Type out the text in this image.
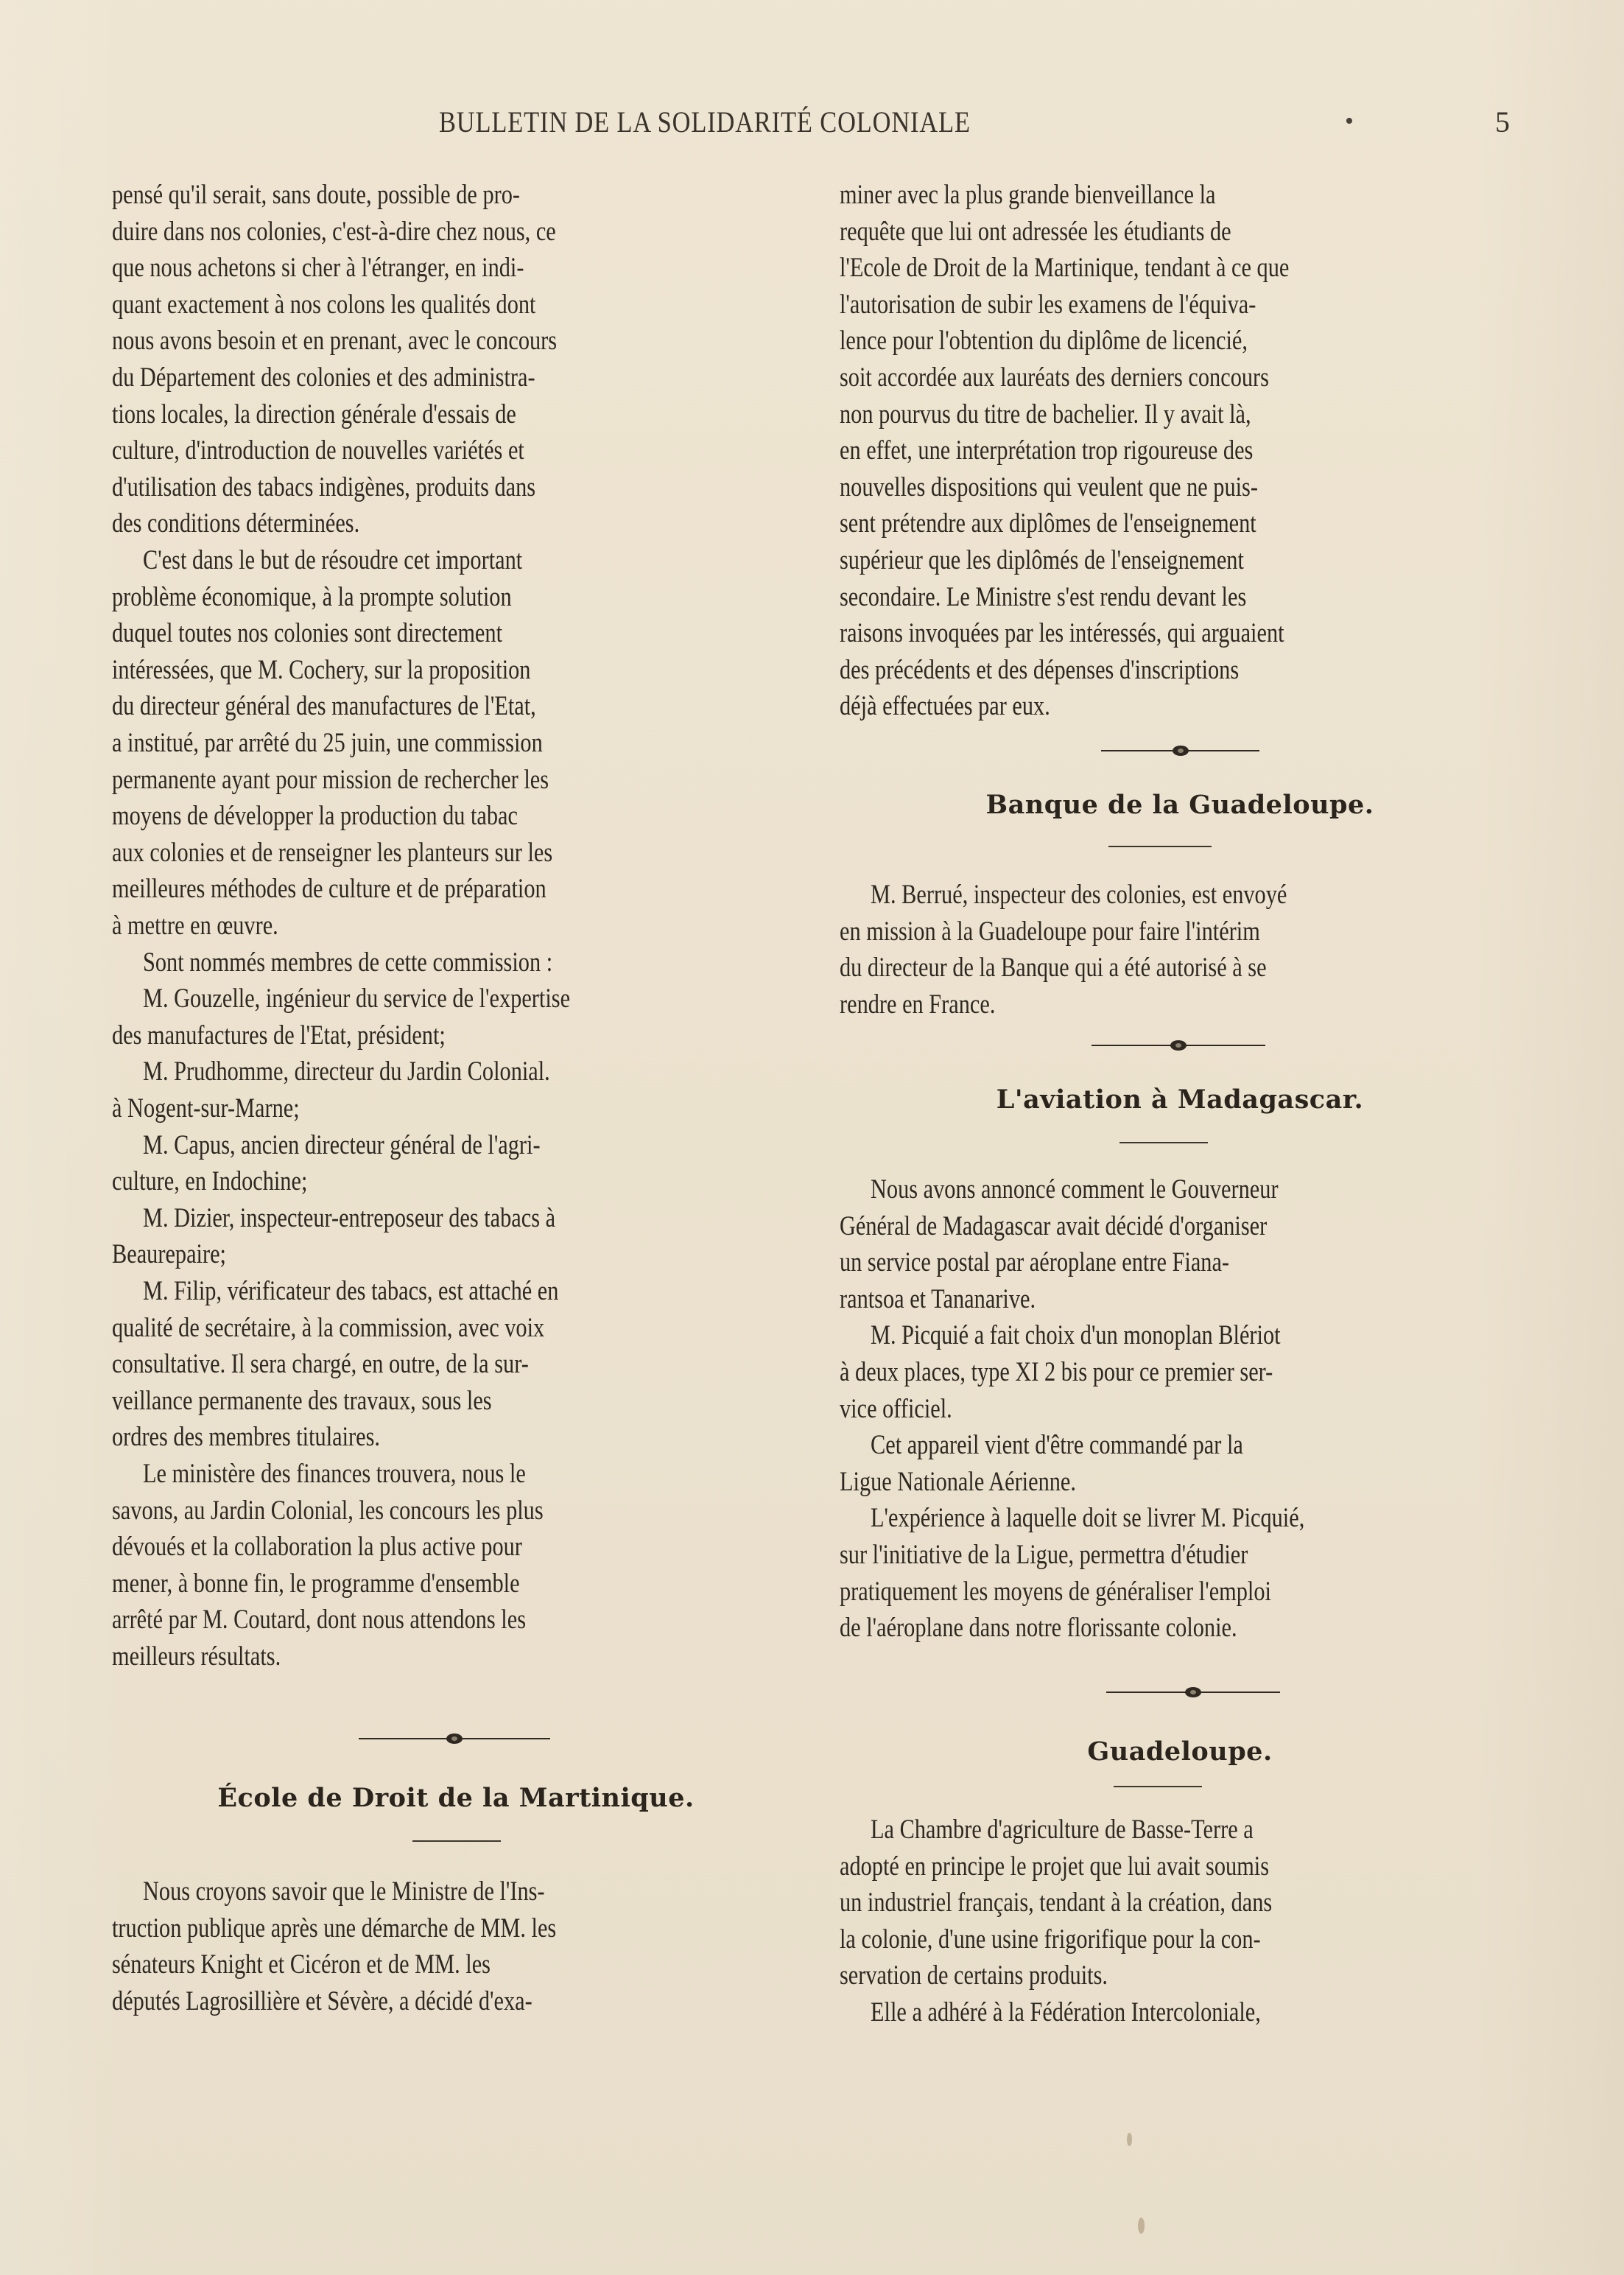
BULLETIN DE LA SOLIDARITÉ COLONIALE	•	5
pensé qu'il serait, sans doute, possible de pro-
duire dans nos colonies, c'est-à-dire chez nous, ce
que nous achetons si cher à l'étranger, en indi-
quant exactement à nos colons les qualités dont
nous avons besoin et en prenant, avec le concours
du Département des colonies et des administra-
tions locales, la direction générale d'essais de
culture, d'introduction de nouvelles variétés et
d'utilisation des tabacs indigènes, produits dans
des conditions déterminées.
C'est dans le but de résoudre cet important
problème économique, à la prompte solution
duquel toutes nos colonies sont directement
intéressées, que M. Cochery, sur la proposition
du directeur général des manufactures de l'Etat,
a institué, par arrêté du 25 juin, une commission
permanente ayant pour mission de rechercher les
moyens de développer la production du tabac
aux colonies et de renseigner les planteurs sur les
meilleures méthodes de culture et de préparation
à mettre en œuvre.
Sont nommés membres de cette commission :
M. Gouzelle, ingénieur du service de l'expertise
des manufactures de l'Etat, président;
M. Prudhomme, directeur du Jardin Colonial.
à Nogent-sur-Marne;
M. Capus, ancien directeur général de l'agri-
culture, en Indochine;
M. Dizier, inspecteur-entreposeur des tabacs à
Beaurepaire;
M. Filip, vérificateur des tabacs, est attaché en
qualité de secrétaire, à la commission, avec voix
consultative. Il sera chargé, en outre, de la sur-
veillance permanente des travaux, sous les
ordres des membres titulaires.
Le ministère des finances trouvera, nous le
savons, au Jardin Colonial, les concours les plus
dévoués et la collaboration la plus active pour
mener, à bonne fin, le programme d'ensemble
arrêté par M. Coutard, dont nous attendons les
meilleurs résultats.
École de Droit de la Martinique.
Nous croyons savoir que le Ministre de l'Ins-
truction publique après une démarche de MM. les
sénateurs Knight et Cicéron et de MM. les
députés Lagrosillière et Sévère, a décidé d'exa-
miner avec la plus grande bienveillance la
requête que lui ont adressée les étudiants de
l'Ecole de Droit de la Martinique, tendant à ce que
l'autorisation de subir les examens de l'équiva-
lence pour l'obtention du diplôme de licencié,
soit accordée aux lauréats des derniers concours
non pourvus du titre de bachelier. Il y avait là,
en effet, une interprétation trop rigoureuse des
nouvelles dispositions qui veulent que ne puis-
sent prétendre aux diplômes de l'enseignement
supérieur que les diplômés de l'enseignement
secondaire. Le Ministre s'est rendu devant les
raisons invoquées par les intéressés, qui arguaient
des précédents et des dépenses d'inscriptions
déjà effectuées par eux.
Banque de la Guadeloupe.
M. Berrué, inspecteur des colonies, est envoyé
en mission à la Guadeloupe pour faire l'intérim
du directeur de la Banque qui a été autorisé à se
rendre en France.
L'aviation à Madagascar.
Nous avons annoncé comment le Gouverneur
Général de Madagascar avait décidé d'organiser
un service postal par aéroplane entre Fiana-
rantsoa et Tananarive.
M. Picquié a fait choix d'un monoplan Blériot
à deux places, type XI 2 bis pour ce premier ser-
vice officiel.
Cet appareil vient d'être commandé par la
Ligue Nationale Aérienne.
L'expérience à laquelle doit se livrer M. Picquié,
sur l'initiative de la Ligue, permettra d'étudier
pratiquement les moyens de généraliser l'emploi
de l'aéroplane dans notre florissante colonie.
Guadeloupe.
La Chambre d'agriculture de Basse-Terre a
adopté en principe le projet que lui avait soumis
un industriel français, tendant à la création, dans
la colonie, d'une usine frigorifique pour la con-
servation de certains produits.
Elle a adhéré à la Fédération Intercoloniale,
